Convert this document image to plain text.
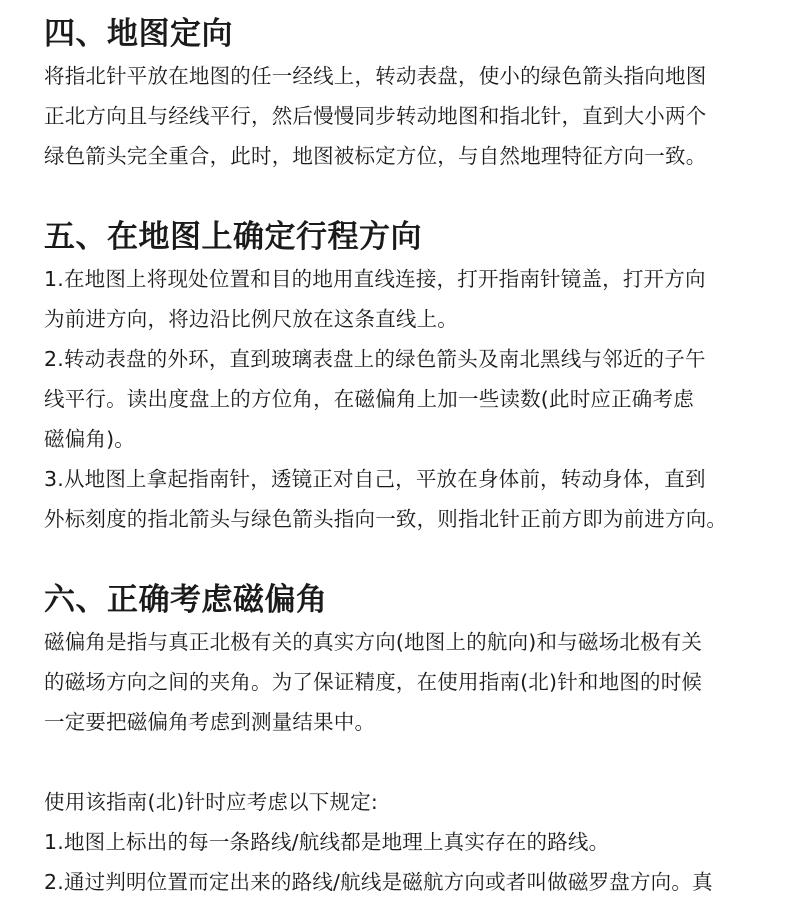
四、地图定向

将指北针平放在地图的任一经线上，转动表盘，使小的绿色箭头指向地图

正北方向且与经线平行，然后慢慢同步转动地图和指北针，直到大小两个

绿色箭头完全重合，此时，地图被标定方位，与自然地理特征方向一致。

五、在地图上确定行程方向

1.在地图上将现处位置和目的地用直线连接，打开指南针镜盖，打开方向

为前进方向，将边沿比例尺放在这条直线上。

2.转动表盘的外环，直到玻璃表盘上的绿色箭头及南北黑线与邻近的子午

线平行。读出度盘上的方位角，在磁偏角上加一些读数(此时应正确考虑

磁偏角)。

3.从地图上拿起指南针，透镜正对自己，平放在身体前，转动身体，直到

外标刻度的指北箭头与绿色箭头指向一致，则指北针正前方即为前进方向。

六、正确考虑磁偏角

磁偏角是指与真正北极有关的真实方向(地图上的航向)和与磁场北极有关

的磁场方向之间的夹角。为了保证精度，在使用指南(北)针和地图的时候

一定要把磁偏角考虑到测量结果中。

使用该指南(北)针时应考虑以下规定:

1.地图上标出的每一条路线/航线都是地理上真实存在的路线。

2.通过判明位置而定出来的路线/航线是磁航方向或者叫做磁罗盘方向。真
